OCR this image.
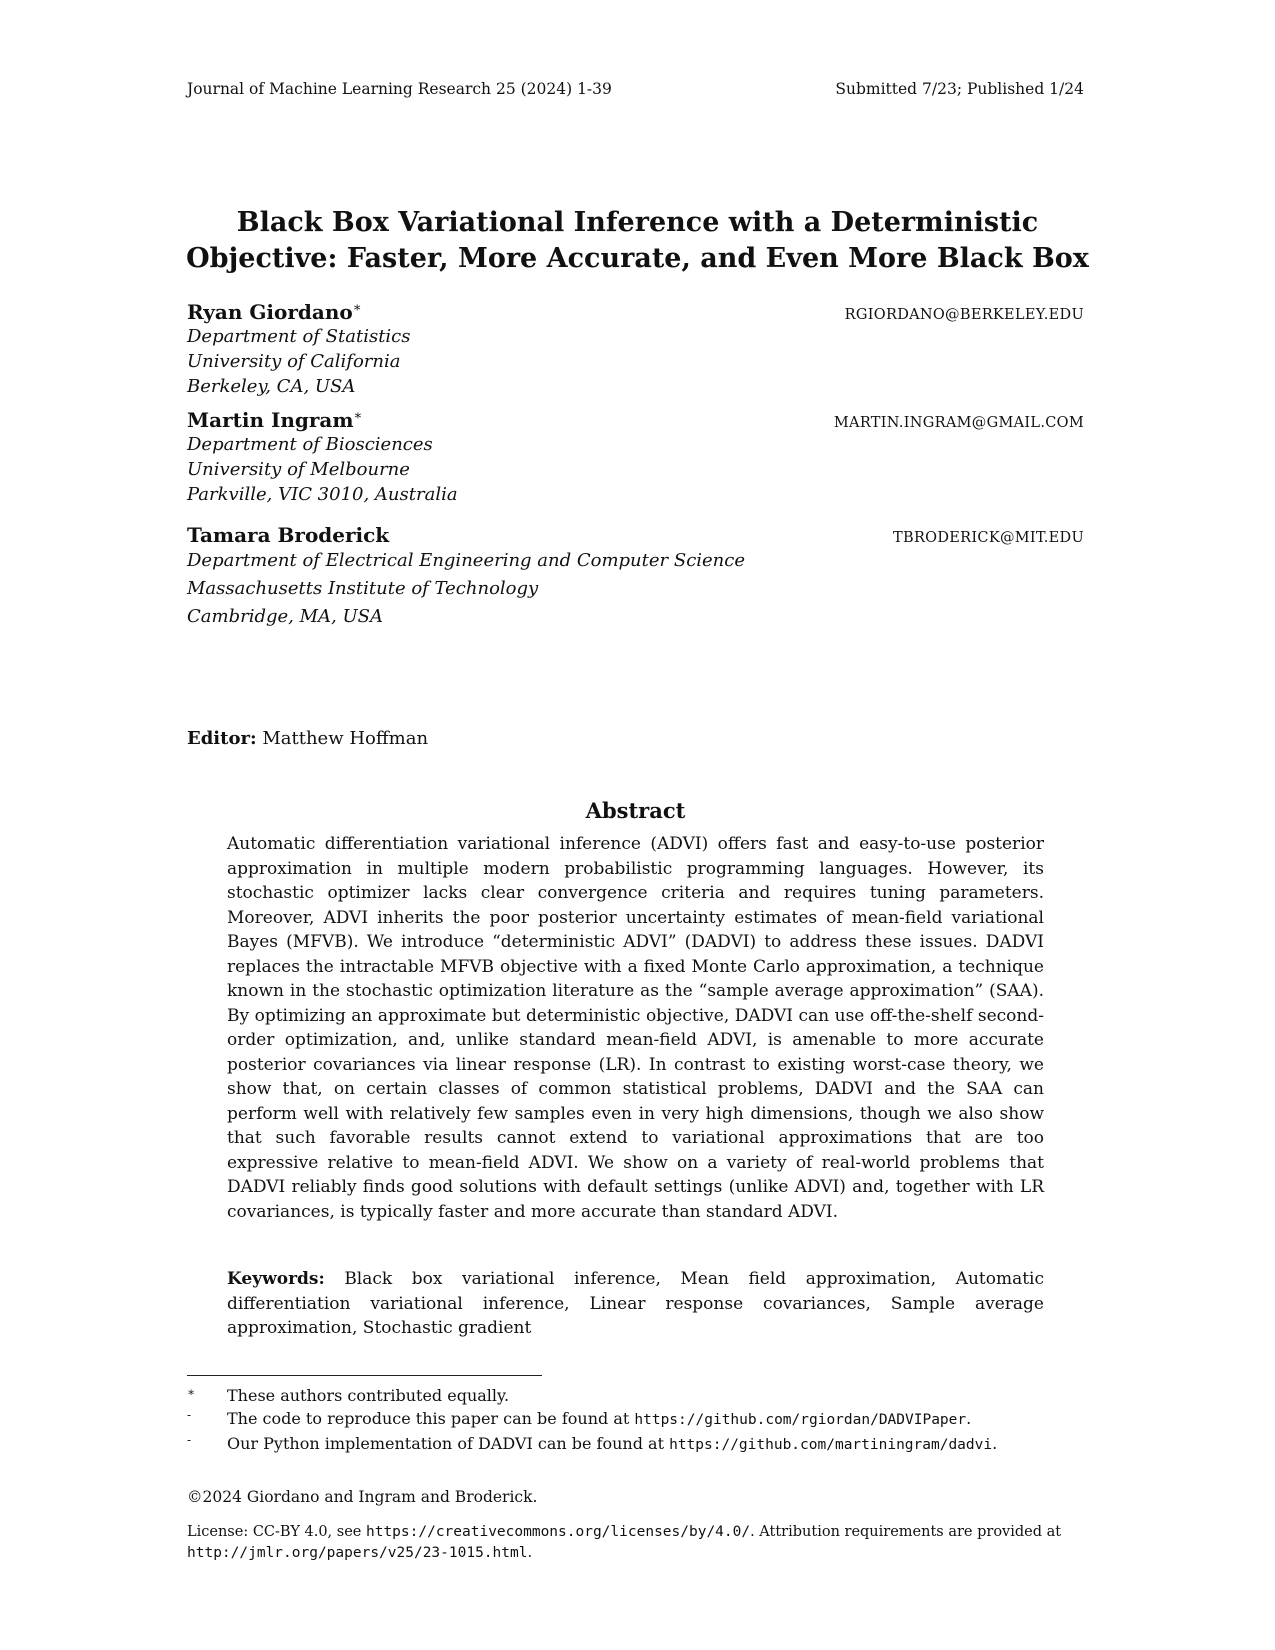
Journal of Machine Learning Research 25 (2024) 1-39	Submitted 7/23; Published 1/24
Black Box Variational Inference with a Deterministic
Objective: Faster, More Accurate, and Even More Black Box
Ryan Giordano∗	RGIORDANO@BERKELEY.EDU
Department of Statistics
University of California
Berkeley, CA, USA
Martin Ingram∗	MARTIN.INGRAM@GMAIL.COM
Department of Biosciences
University of Melbourne
Parkville, VIC 3010, Australia
Tamara Broderick	TBRODERICK@MIT.EDU
Department of Electrical Engineering and Computer Science
Massachusetts Institute of Technology
Cambridge, MA, USA
Editor: Matthew Hoffman
Abstract
Automatic differentiation variational inference (ADVI) offers fast and easy-to-use posterior approximation in multiple modern probabilistic programming languages. However, its stochastic optimizer lacks clear convergence criteria and requires tuning parameters. Moreover, ADVI inherits the poor posterior uncertainty estimates of mean-field variational Bayes (MFVB). We introduce “deterministic ADVI” (DADVI) to address these issues. DADVI replaces the intractable MFVB objective with a fixed Monte Carlo approximation, a technique known in the stochastic optimization literature as the “sample average approximation” (SAA). By optimizing an approximate but deterministic objective, DADVI can use off-the-shelf second-order optimization, and, unlike standard mean-field ADVI, is amenable to more accurate posterior covariances via linear response (LR). In contrast to existing worst-case theory, we show that, on certain classes of common statistical problems, DADVI and the SAA can perform well with relatively few samples even in very high dimensions, though we also show that such favorable results cannot extend to variational approximations that are too expressive relative to mean-field ADVI. We show on a variety of real-world problems that DADVI reliably finds good solutions with default settings (unlike ADVI) and, together with LR covariances, is typically faster and more accurate than standard ADVI.
Keywords: Black box variational inference, Mean field approximation, Automatic differentiation variational inference, Linear response covariances, Sample average approximation, Stochastic gradient
∗ These authors contributed equally.
- The code to reproduce this paper can be found at https://github.com/rgiordan/DADVIPaper.
- Our Python implementation of DADVI can be found at https://github.com/martiningram/dadvi.
©2024 Giordano and Ingram and Broderick.
License: CC-BY 4.0, see https://creativecommons.org/licenses/by/4.0/. Attribution requirements are provided at http://jmlr.org/papers/v25/23-1015.html.
